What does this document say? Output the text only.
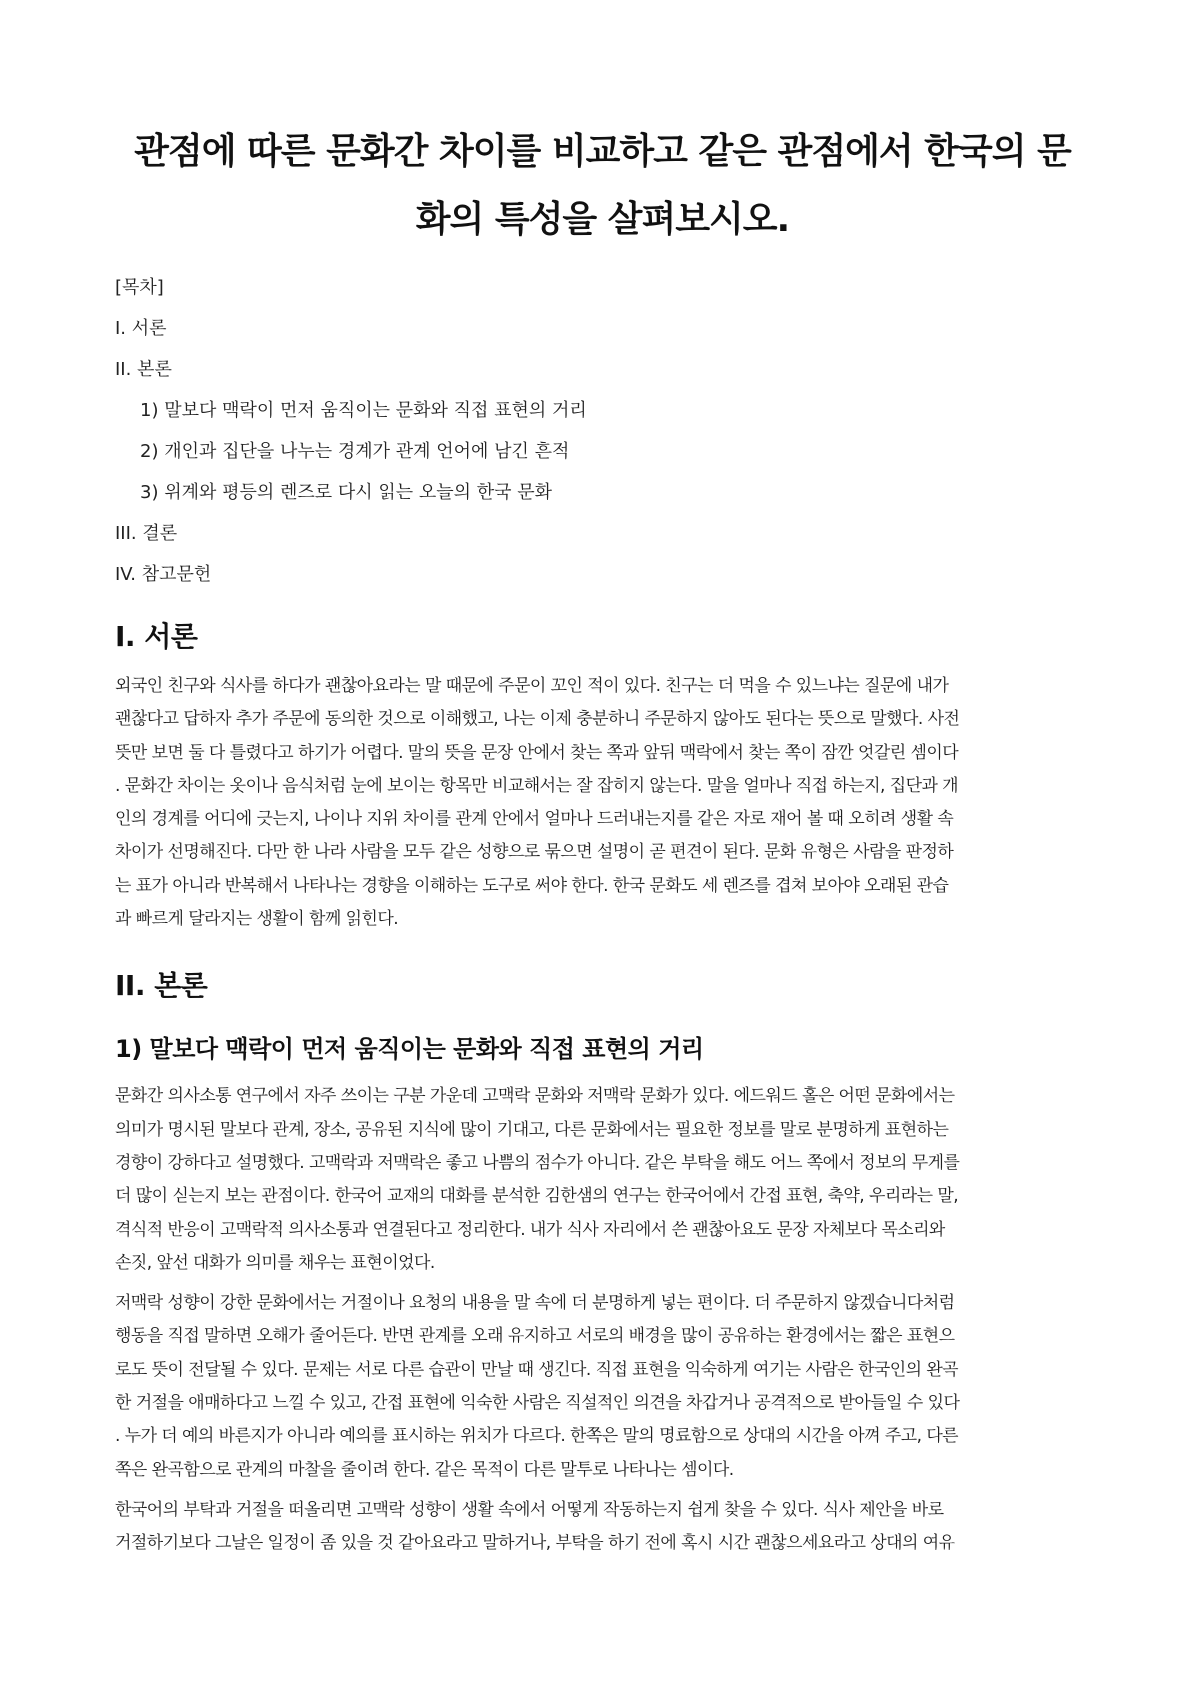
관점에 따른 문화간 차이를 비교하고 같은 관점에서 한국의 문
화의 특성을 살펴보시오.
[목차]
I. 서론
II. 본론
1) 말보다 맥락이 먼저 움직이는 문화와 직접 표현의 거리
2) 개인과 집단을 나누는 경계가 관계 언어에 남긴 흔적
3) 위계와 평등의 렌즈로 다시 읽는 오늘의 한국 문화
III. 결론
IV. 참고문헌
I. 서론
외국인 친구와 식사를 하다가 괜찮아요라는 말 때문에 주문이 꼬인 적이 있다. 친구는 더 먹을 수 있느냐는 질문에 내가
괜찮다고 답하자 추가 주문에 동의한 것으로 이해했고, 나는 이제 충분하니 주문하지 않아도 된다는 뜻으로 말했다. 사전
뜻만 보면 둘 다 틀렸다고 하기가 어렵다. 말의 뜻을 문장 안에서 찾는 쪽과 앞뒤 맥락에서 찾는 쪽이 잠깐 엇갈린 셈이다
. 문화간 차이는 옷이나 음식처럼 눈에 보이는 항목만 비교해서는 잘 잡히지 않는다. 말을 얼마나 직접 하는지, 집단과 개
인의 경계를 어디에 긋는지, 나이나 지위 차이를 관계 안에서 얼마나 드러내는지를 같은 자로 재어 볼 때 오히려 생활 속
차이가 선명해진다. 다만 한 나라 사람을 모두 같은 성향으로 묶으면 설명이 곧 편견이 된다. 문화 유형은 사람을 판정하
는 표가 아니라 반복해서 나타나는 경향을 이해하는 도구로 써야 한다. 한국 문화도 세 렌즈를 겹쳐 보아야 오래된 관습
과 빠르게 달라지는 생활이 함께 읽힌다.
II. 본론
1) 말보다 맥락이 먼저 움직이는 문화와 직접 표현의 거리
문화간 의사소통 연구에서 자주 쓰이는 구분 가운데 고맥락 문화와 저맥락 문화가 있다. 에드워드 홀은 어떤 문화에서는
의미가 명시된 말보다 관계, 장소, 공유된 지식에 많이 기대고, 다른 문화에서는 필요한 정보를 말로 분명하게 표현하는
경향이 강하다고 설명했다. 고맥락과 저맥락은 좋고 나쁨의 점수가 아니다. 같은 부탁을 해도 어느 쪽에서 정보의 무게를
더 많이 싣는지 보는 관점이다. 한국어 교재의 대화를 분석한 김한샘의 연구는 한국어에서 간접 표현, 축약, 우리라는 말,
격식적 반응이 고맥락적 의사소통과 연결된다고 정리한다. 내가 식사 자리에서 쓴 괜찮아요도 문장 자체보다 목소리와
손짓, 앞선 대화가 의미를 채우는 표현이었다.
저맥락 성향이 강한 문화에서는 거절이나 요청의 내용을 말 속에 더 분명하게 넣는 편이다. 더 주문하지 않겠습니다처럼
행동을 직접 말하면 오해가 줄어든다. 반면 관계를 오래 유지하고 서로의 배경을 많이 공유하는 환경에서는 짧은 표현으
로도 뜻이 전달될 수 있다. 문제는 서로 다른 습관이 만날 때 생긴다. 직접 표현을 익숙하게 여기는 사람은 한국인의 완곡
한 거절을 애매하다고 느낄 수 있고, 간접 표현에 익숙한 사람은 직설적인 의견을 차갑거나 공격적으로 받아들일 수 있다
. 누가 더 예의 바른지가 아니라 예의를 표시하는 위치가 다르다. 한쪽은 말의 명료함으로 상대의 시간을 아껴 주고, 다른
쪽은 완곡함으로 관계의 마찰을 줄이려 한다. 같은 목적이 다른 말투로 나타나는 셈이다.
한국어의 부탁과 거절을 떠올리면 고맥락 성향이 생활 속에서 어떻게 작동하는지 쉽게 찾을 수 있다. 식사 제안을 바로
거절하기보다 그날은 일정이 좀 있을 것 같아요라고 말하거나, 부탁을 하기 전에 혹시 시간 괜찮으세요라고 상대의 여유
